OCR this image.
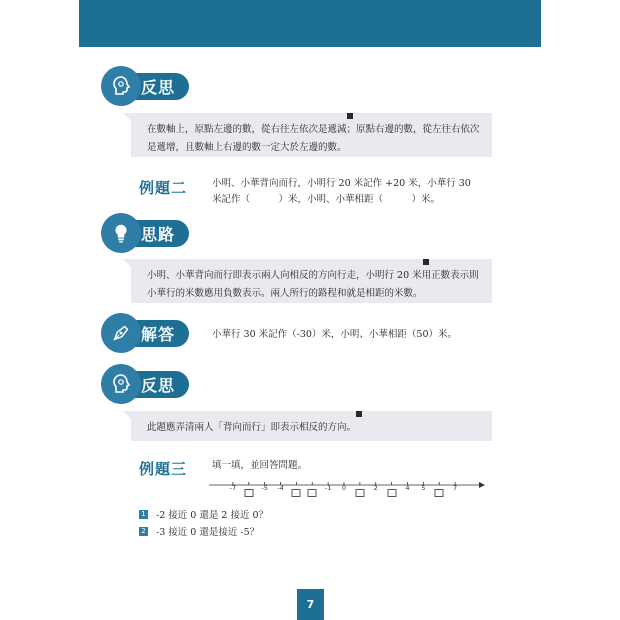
反思
在數軸上，原點左邊的數，從右往左依次是遞減；原點右邊的數，從左往右依次是遞增，且數軸上右邊的數一定大於左邊的數。
例題二	小明、小華背向而行，小明行 20 米記作 +20 米，小華行 30
米記作（　　　）米，小明、小華相距（　　　）米。
思路
小明、小華背向而行即表示兩人向相反的方向行走，小明行 20 米用正數表示則小華行的米數應用負數表示。兩人所行的路程和就是相距的米數。
解答	小華行 30 米記作（-30）米，小明、小華相距（50）米。
反思
此題應弄清兩人「背向而行」即表示相反的方向。
例題三	填一填，並回答問題。
-7	-5 -4	-1 0	2	4 5	7
1 -2 接近 0 還是 2 接近 0？
2 -3 接近 0 還是接近 -5？
7
